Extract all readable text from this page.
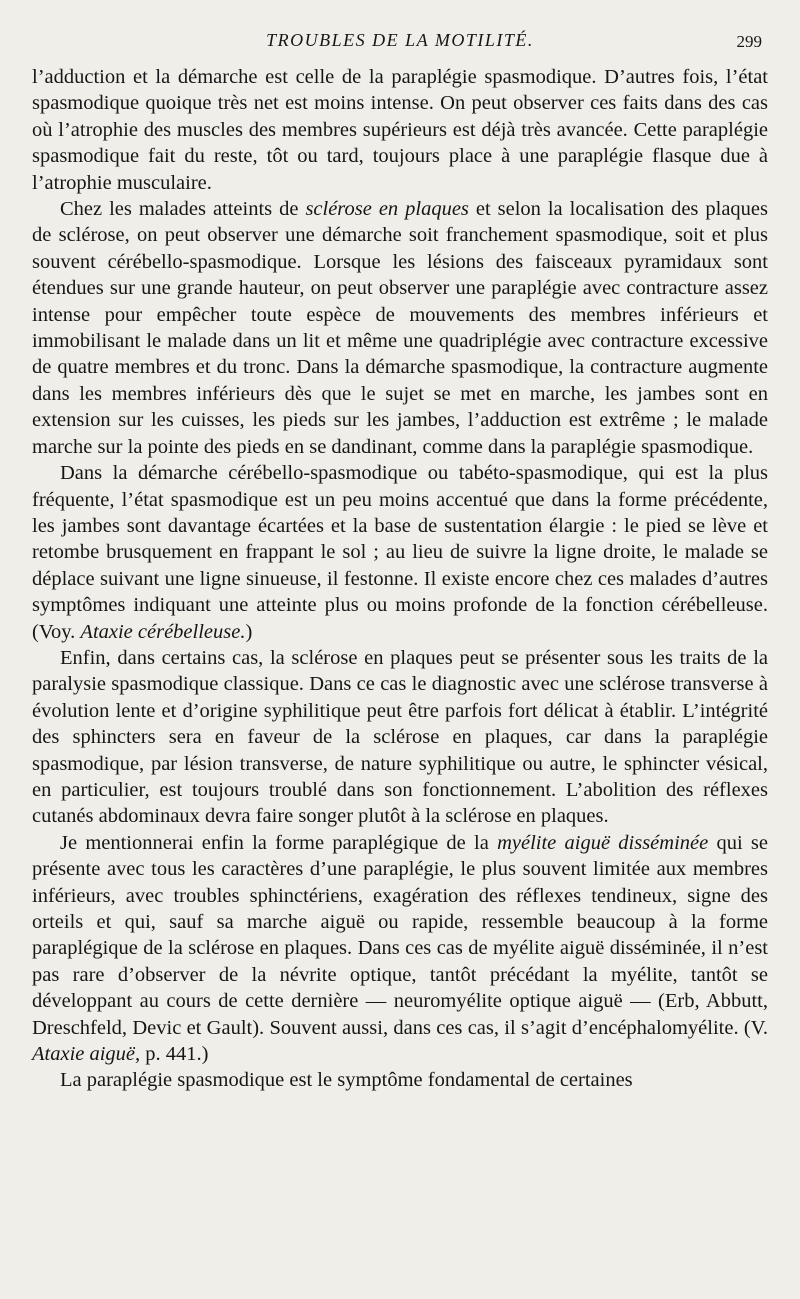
TROUBLES DE LA MOTILITÉ.	299

l’adduction et la démarche est celle de la paraplégie spasmodique. D’autres fois, l’état spasmodique quoique très net est moins intense. On peut observer ces faits dans des cas où l’atrophie des muscles des membres supérieurs est déjà très avancée. Cette paraplégie spasmodique fait du reste, tôt ou tard, toujours place à une paraplégie flasque due à l’atrophie musculaire.

Chez les malades atteints de sclérose en plaques et selon la localisation des plaques de sclérose, on peut observer une démarche soit franchement spasmodique, soit et plus souvent cérébello-spasmodique. Lorsque les lésions des faisceaux pyramidaux sont étendues sur une grande hauteur, on peut observer une paraplégie avec contracture assez intense pour empêcher toute espèce de mouvements des membres inférieurs et immobilisant le malade dans un lit et même une quadriplégie avec contracture excessive de quatre membres et du tronc. Dans la démarche spasmodique, la contracture augmente dans les membres inférieurs dès que le sujet se met en marche, les jambes sont en extension sur les cuisses, les pieds sur les jambes, l’adduction est extrême ; le malade marche sur la pointe des pieds en se dandinant, comme dans la paraplégie spasmodique.

Dans la démarche cérébello-spasmodique ou tabéto-spasmodique, qui est la plus fréquente, l’état spasmodique est un peu moins accentué que dans la forme précédente, les jambes sont davantage écartées et la base de sustentation élargie : le pied se lève et retombe brusquement en frappant le sol ; au lieu de suivre la ligne droite, le malade se déplace suivant une ligne sinueuse, il festonne. Il existe encore chez ces malades d’autres symptômes indiquant une atteinte plus ou moins profonde de la fonction cérébelleuse. (Voy. Ataxie cérébelleuse.)

Enfin, dans certains cas, la sclérose en plaques peut se présenter sous les traits de la paralysie spasmodique classique. Dans ce cas le diagnostic avec une sclérose transverse à évolution lente et d’origine syphilitique peut être parfois fort délicat à établir. L’intégrité des sphincters sera en faveur de la sclérose en plaques, car dans la paraplégie spasmodique, par lésion transverse, de nature syphilitique ou autre, le sphincter vésical, en particulier, est toujours troublé dans son fonctionnement. L’abolition des réflexes cutanés abdominaux devra faire songer plutôt à la sclérose en plaques.

Je mentionnerai enfin la forme paraplégique de la myélite aiguë disséminée qui se présente avec tous les caractères d’une paraplégie, le plus souvent limitée aux membres inférieurs, avec troubles sphinctériens, exagération des réflexes tendineux, signe des orteils et qui, sauf sa marche aiguë ou rapide, ressemble beaucoup à la forme paraplégique de la sclérose en plaques. Dans ces cas de myélite aiguë disséminée, il n’est pas rare d’observer de la névrite optique, tantôt précédant la myélite, tantôt se développant au cours de cette dernière — neuromyélite optique aiguë — (Erb, Abbutt, Dreschfeld, Devic et Gault). Souvent aussi, dans ces cas, il s’agit d’encéphalomyélite. (V. Ataxie aiguë, p. 441.)

La paraplégie spasmodique est le symptôme fondamental de certaines
